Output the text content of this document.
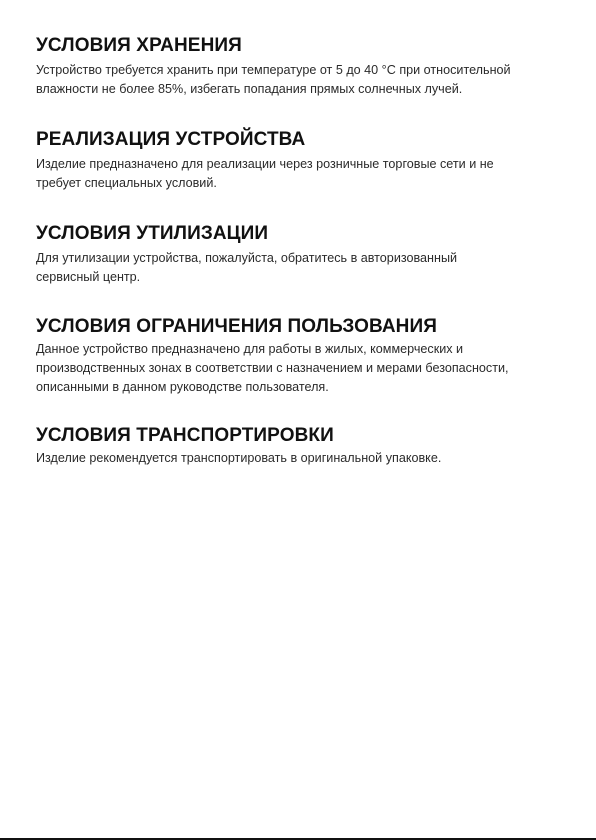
УСЛОВИЯ ХРАНЕНИЯ

Устройство требуется хранить при температуре от 5 до 40 °С при относительной
влажности не более 85%, избегать попадания прямых солнечных лучей.

РЕАЛИЗАЦИЯ УСТРОЙСТВА

Изделие предназначено для реализации через розничные торговые сети и не
требует специальных условий.

УСЛОВИЯ УТИЛИЗАЦИИ

Для утилизации устройства, пожалуйста, обратитесь в авторизованный
сервисный центр.

УСЛОВИЯ ОГРАНИЧЕНИЯ ПОЛЬЗОВАНИЯ

Данное устройство предназначено для работы в жилых, коммерческих и
производственных зонах в соответствии с назначением и мерами безопасности,
описанными в данном руководстве пользователя.

УСЛОВИЯ ТРАНСПОРТИРОВКИ

Изделие рекомендуется транспортировать в оригинальной упаковке.
